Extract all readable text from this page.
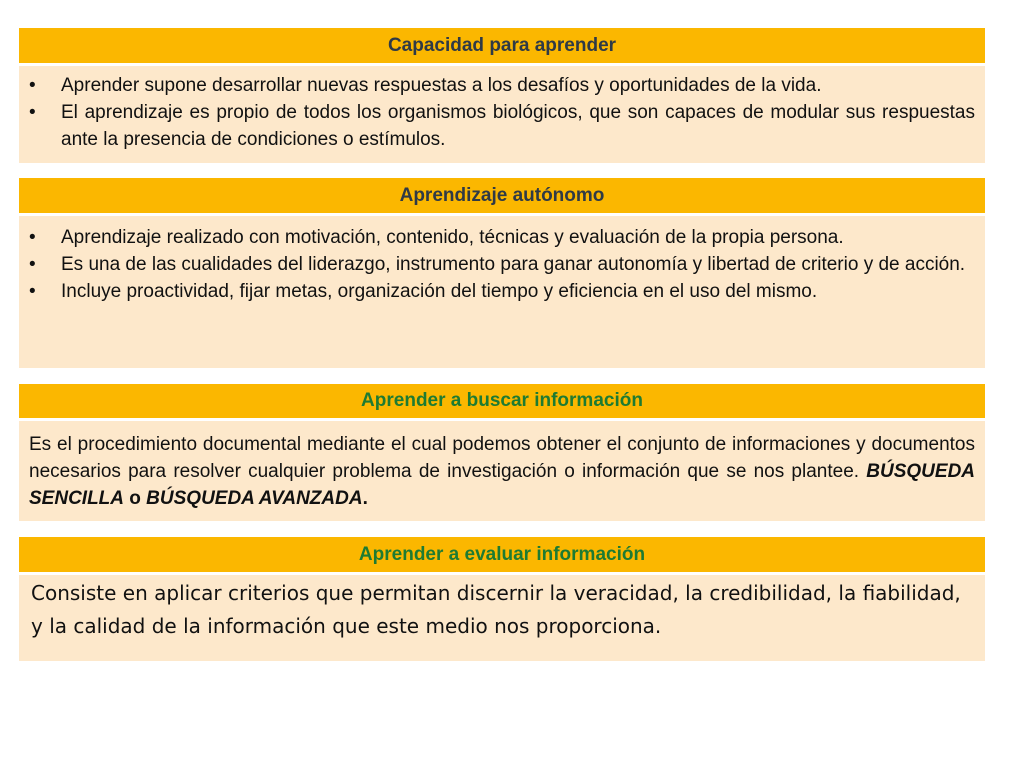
Capacidad para aprender
• Aprender supone desarrollar nuevas respuestas a los desafíos y oportunidades de la vida.
• El aprendizaje es propio de todos los organismos biológicos, que son capaces de modular sus respuestas ante la presencia de condiciones o estímulos.
Aprendizaje autónomo
• Aprendizaje realizado con motivación, contenido, técnicas y evaluación de la propia persona.
• Es una de las cualidades del liderazgo, instrumento para ganar autonomía y libertad de criterio y de acción.
• Incluye proactividad, fijar metas, organización del tiempo y eficiencia en el uso del mismo.
Aprender a buscar información
Es el procedimiento documental mediante el cual podemos obtener el conjunto de informaciones y documentos necesarios para resolver cualquier problema de investigación o información que se nos plantee. BÚSQUEDA SENCILLA o BÚSQUEDA AVANZADA.
Aprender a evaluar información
Consiste en aplicar criterios que permitan discernir la veracidad, la credibilidad, la fiabilidad, y la calidad de la información que este medio nos proporciona.
